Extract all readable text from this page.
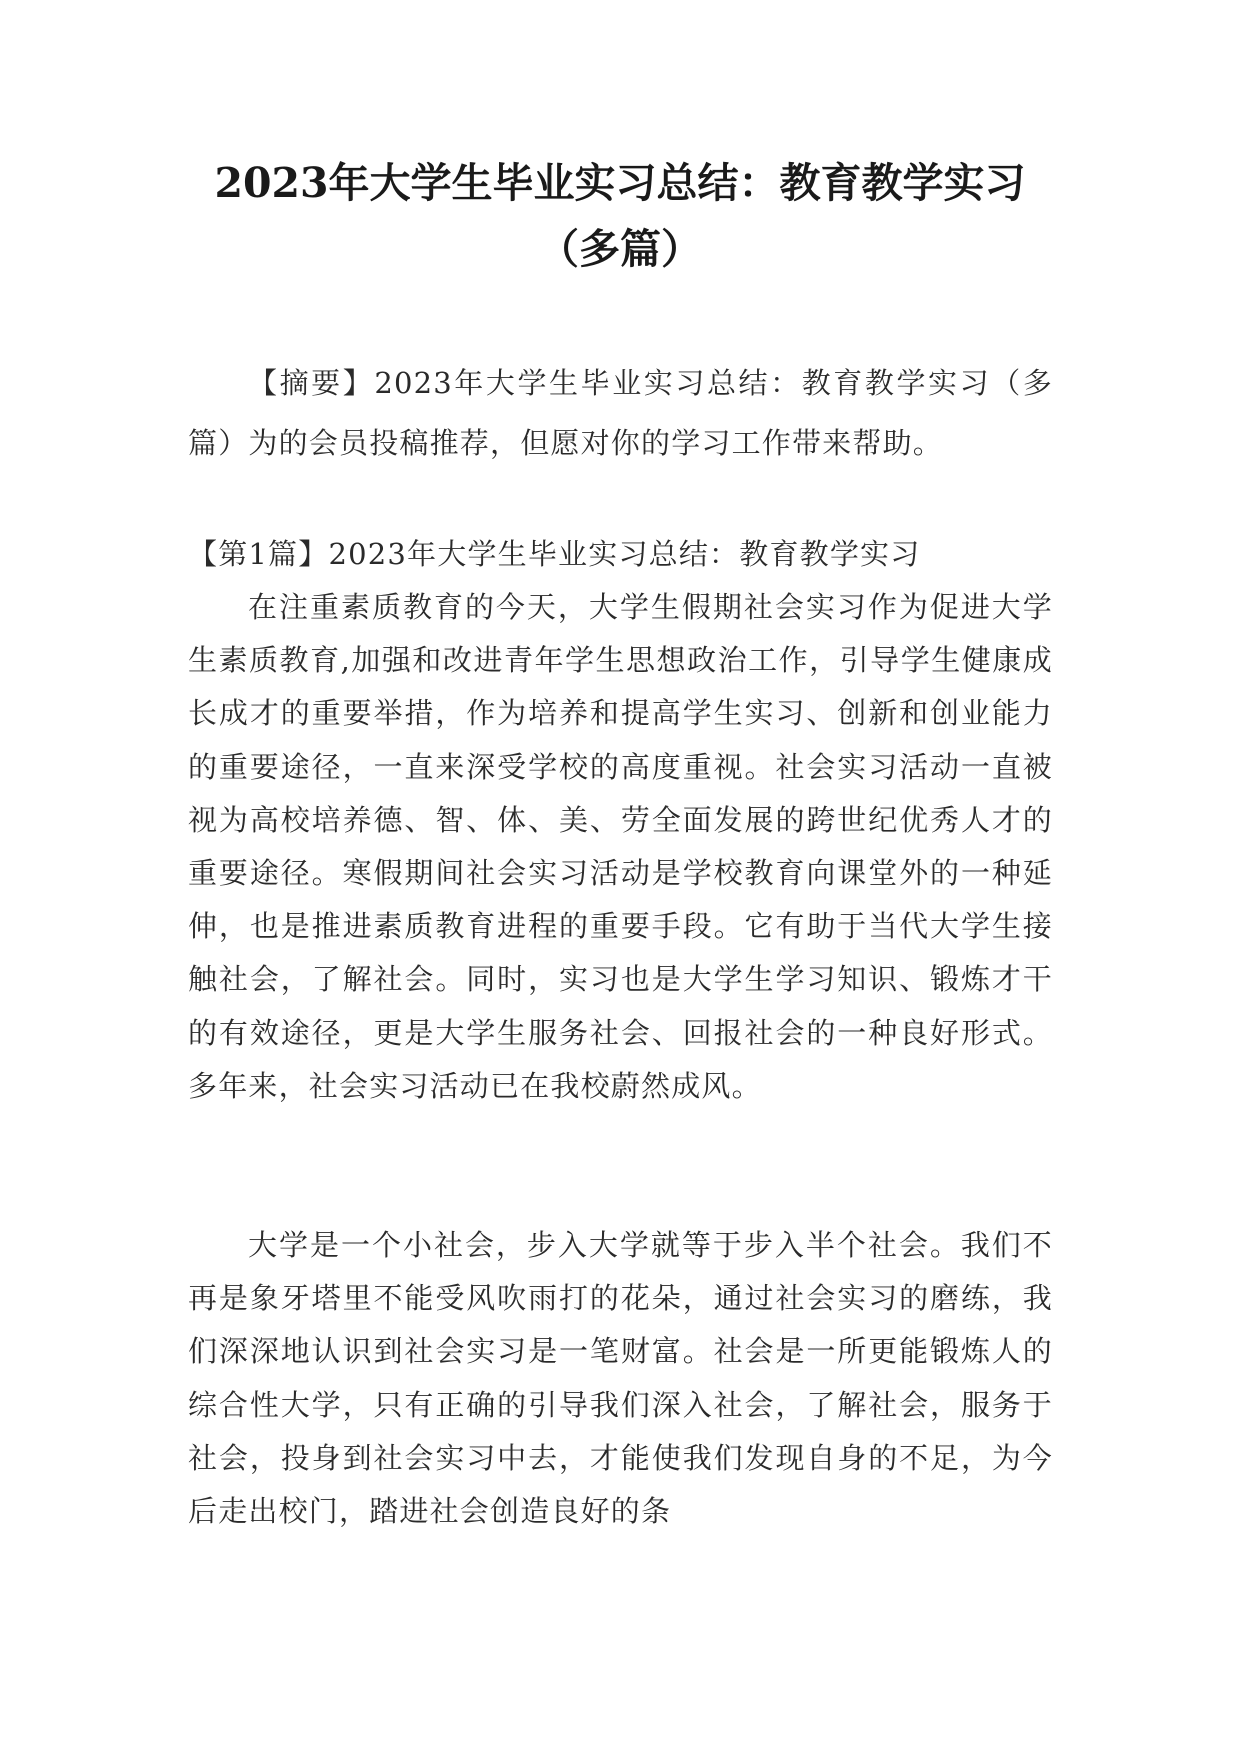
2023年大学生毕业实习总结：教育教学实习
（多篇）

【摘要】2023年大学生毕业实习总结：教育教学实习（多篇）为的会员投稿推荐，但愿对你的学习工作带来帮助。

【第1篇】2023年大学生毕业实习总结：教育教学实习

在注重素质教育的今天，大学生假期社会实习作为促进大学生素质教育,加强和改进青年学生思想政治工作，引导学生健康成长成才的重要举措，作为培养和提高学生实习、创新和创业能力的重要途径，一直来深受学校的高度重视。社会实习活动一直被视为高校培养德、智、体、美、劳全面发展的跨世纪优秀人才的重要途径。寒假期间社会实习活动是学校教育向课堂外的一种延伸，也是推进素质教育进程的重要手段。它有助于当代大学生接触社会，了解社会。同时，实习也是大学生学习知识、锻炼才干的有效途径，更是大学生服务社会、回报社会的一种良好形式。多年来，社会实习活动已在我校蔚然成风。

大学是一个小社会，步入大学就等于步入半个社会。我们不再是象牙塔里不能受风吹雨打的花朵，通过社会实习的磨练，我们深深地认识到社会实习是一笔财富。社会是一所更能锻炼人的综合性大学，只有正确的引导我们深入社会，了解社会，服务于社会，投身到社会实习中去，才能使我们发现自身的不足，为今后走出校门，踏进社会创造良好的条
